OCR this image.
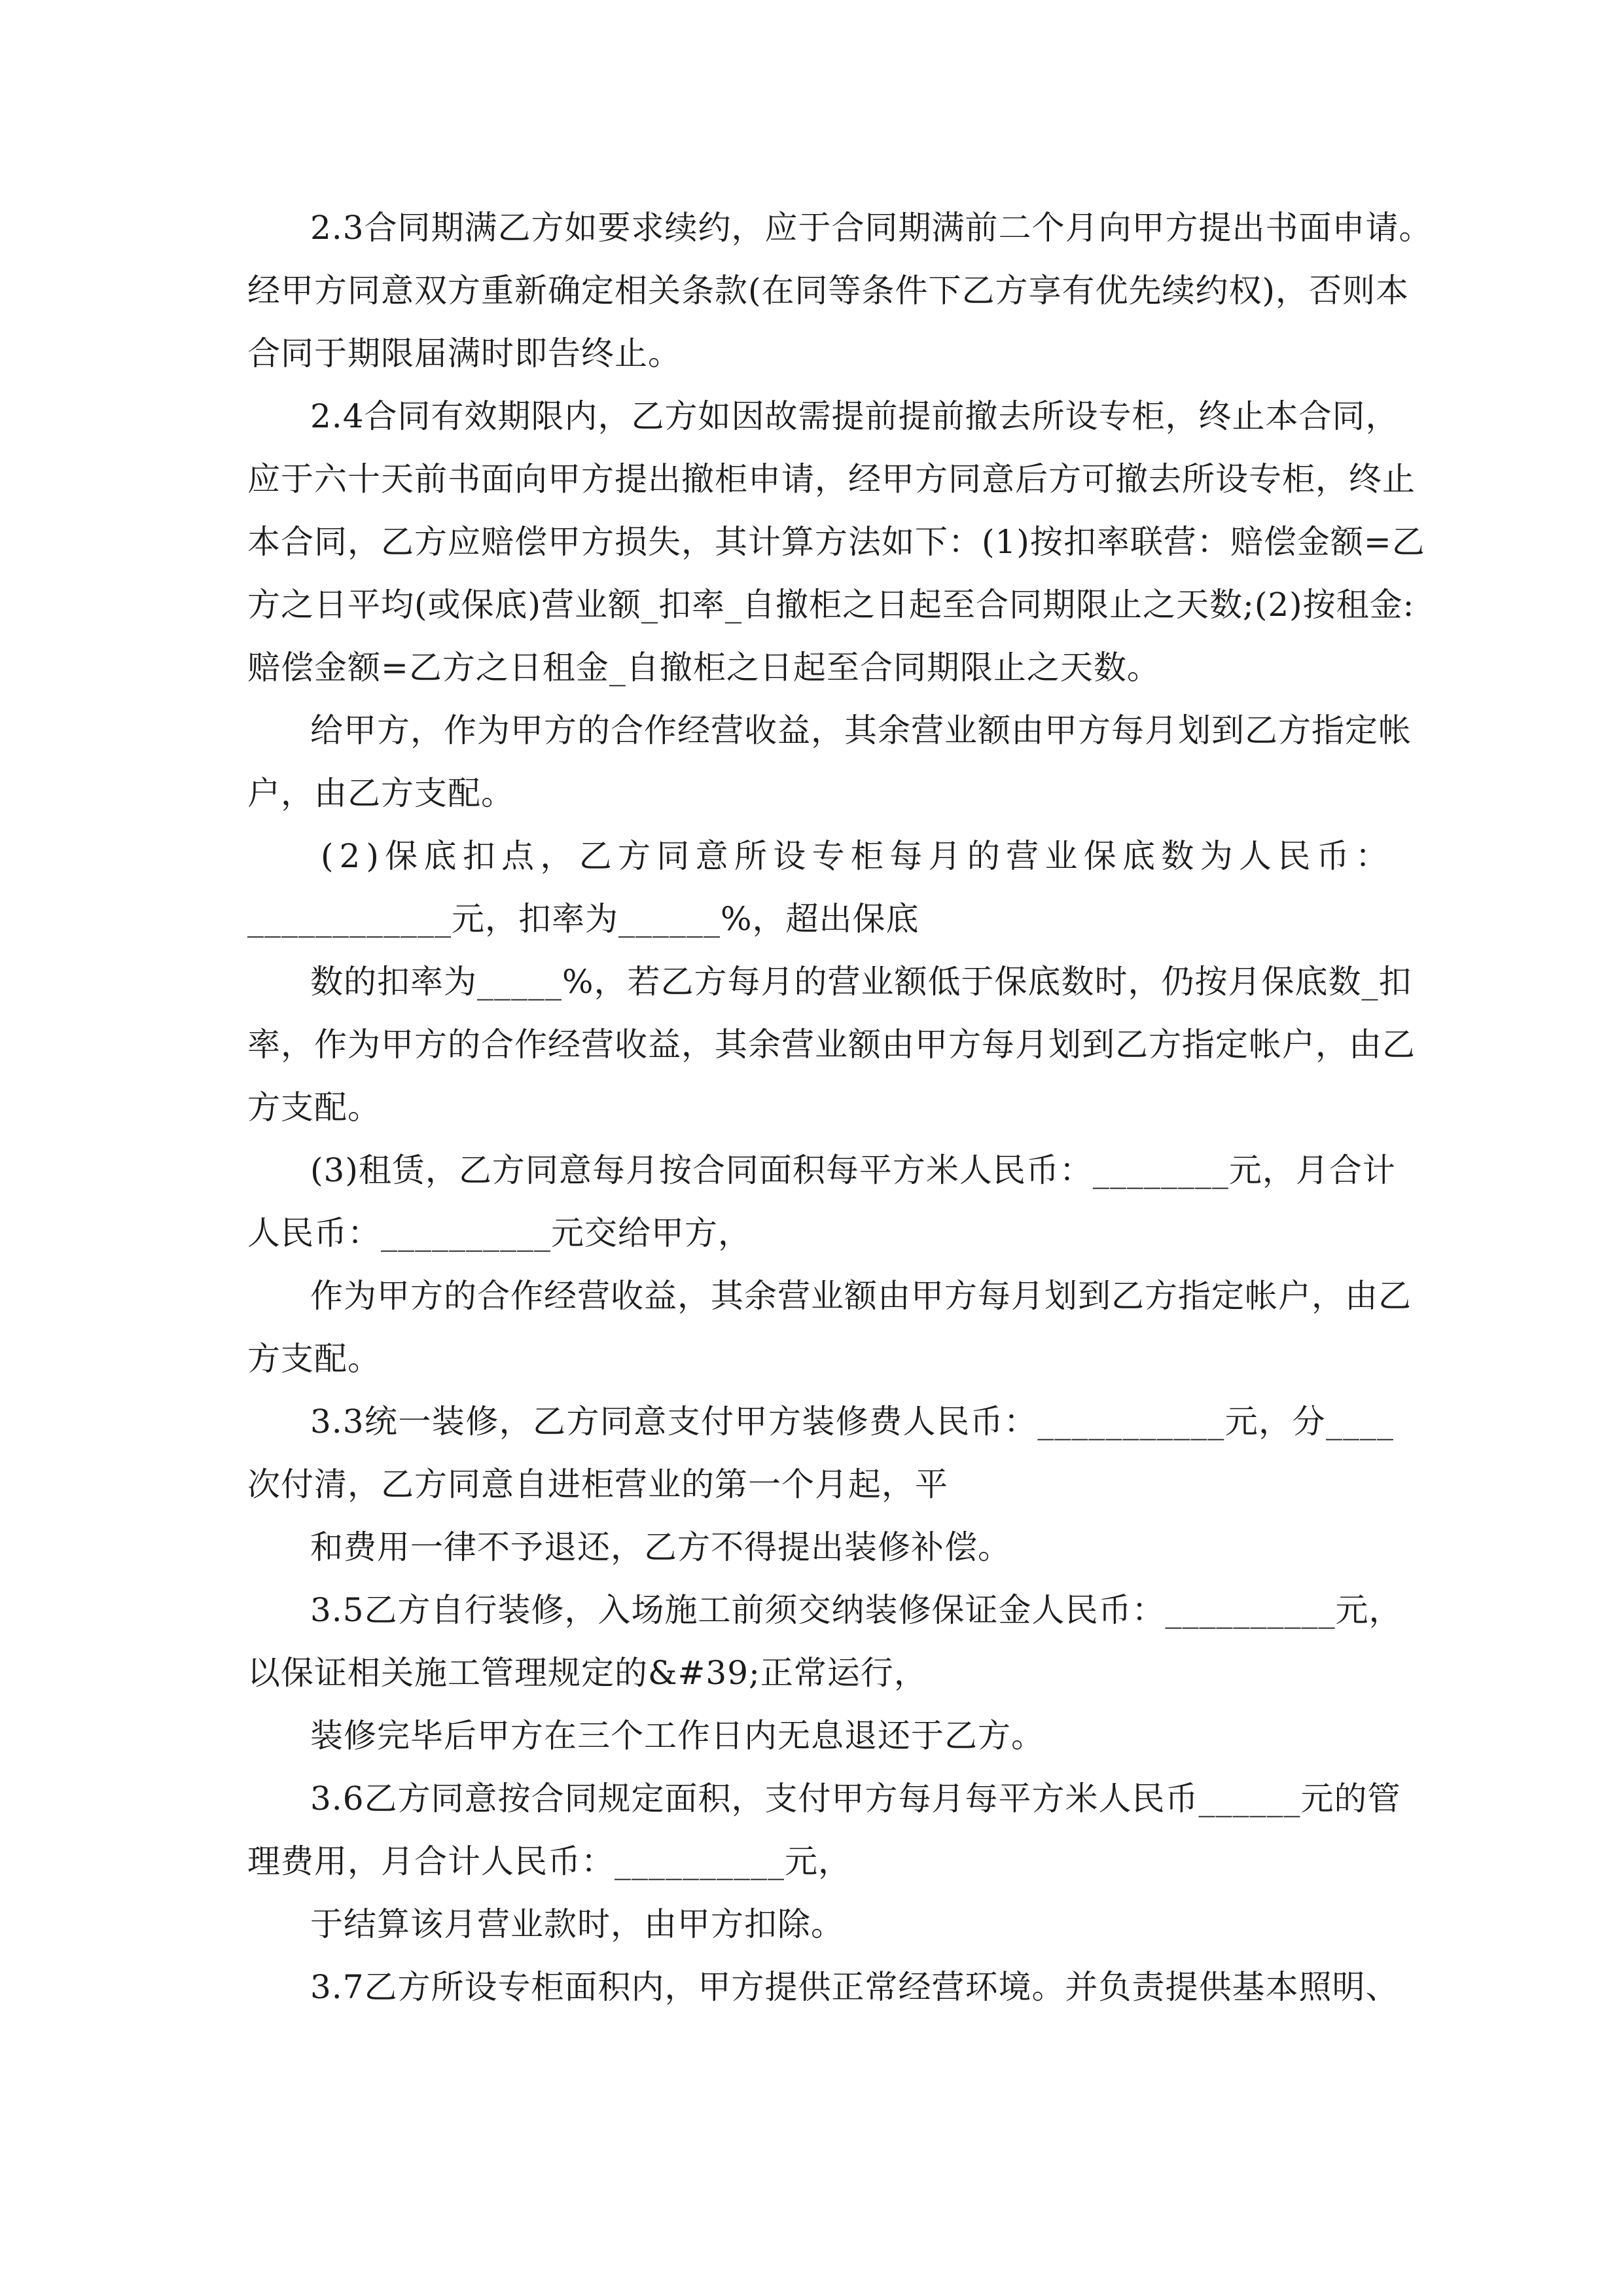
2.3合同期满乙方如要求续约，应于合同期满前二个月向甲方提出书面申请。
经甲方同意双方重新确定相关条款(在同等条件下乙方享有优先续约权)，否则本
合同于期限届满时即告终止。
2.4合同有效期限内，乙方如因故需提前提前撤去所设专柜，终止本合同，
应于六十天前书面向甲方提出撤柜申请，经甲方同意后方可撤去所设专柜，终止
本合同，乙方应赔偿甲方损失，其计算方法如下：(1)按扣率联营：赔偿金额=乙
方之日平均(或保底)营业额_扣率_自撤柜之日起至合同期限止之天数;(2)按租金:
赔偿金额=乙方之日租金_自撤柜之日起至合同期限止之天数。
给甲方，作为甲方的合作经营收益，其余营业额由甲方每月划到乙方指定帐
户，由乙方支配。
(2)保底扣点，乙方同意所设专柜每月的营业保底数为人民币：
____________元，扣率为______%，超出保底
数的扣率为_____%，若乙方每月的营业额低于保底数时，仍按月保底数_扣
率，作为甲方的合作经营收益，其余营业额由甲方每月划到乙方指定帐户，由乙
方支配。
(3)租赁，乙方同意每月按合同面积每平方米人民币：________元，月合计
人民币：__________元交给甲方，
作为甲方的合作经营收益，其余营业额由甲方每月划到乙方指定帐户，由乙
方支配。
3.3统一装修，乙方同意支付甲方装修费人民币：___________元，分____
次付清，乙方同意自进柜营业的第一个月起，平
和费用一律不予退还，乙方不得提出装修补偿。
3.5乙方自行装修，入场施工前须交纳装修保证金人民币：__________元，
以保证相关施工管理规定的&#39;正常运行，
装修完毕后甲方在三个工作日内无息退还于乙方。
3.6乙方同意按合同规定面积，支付甲方每月每平方米人民币______元的管
理费用，月合计人民币：__________元，
于结算该月营业款时，由甲方扣除。
3.7乙方所设专柜面积内，甲方提供正常经营环境。并负责提供基本照明、
